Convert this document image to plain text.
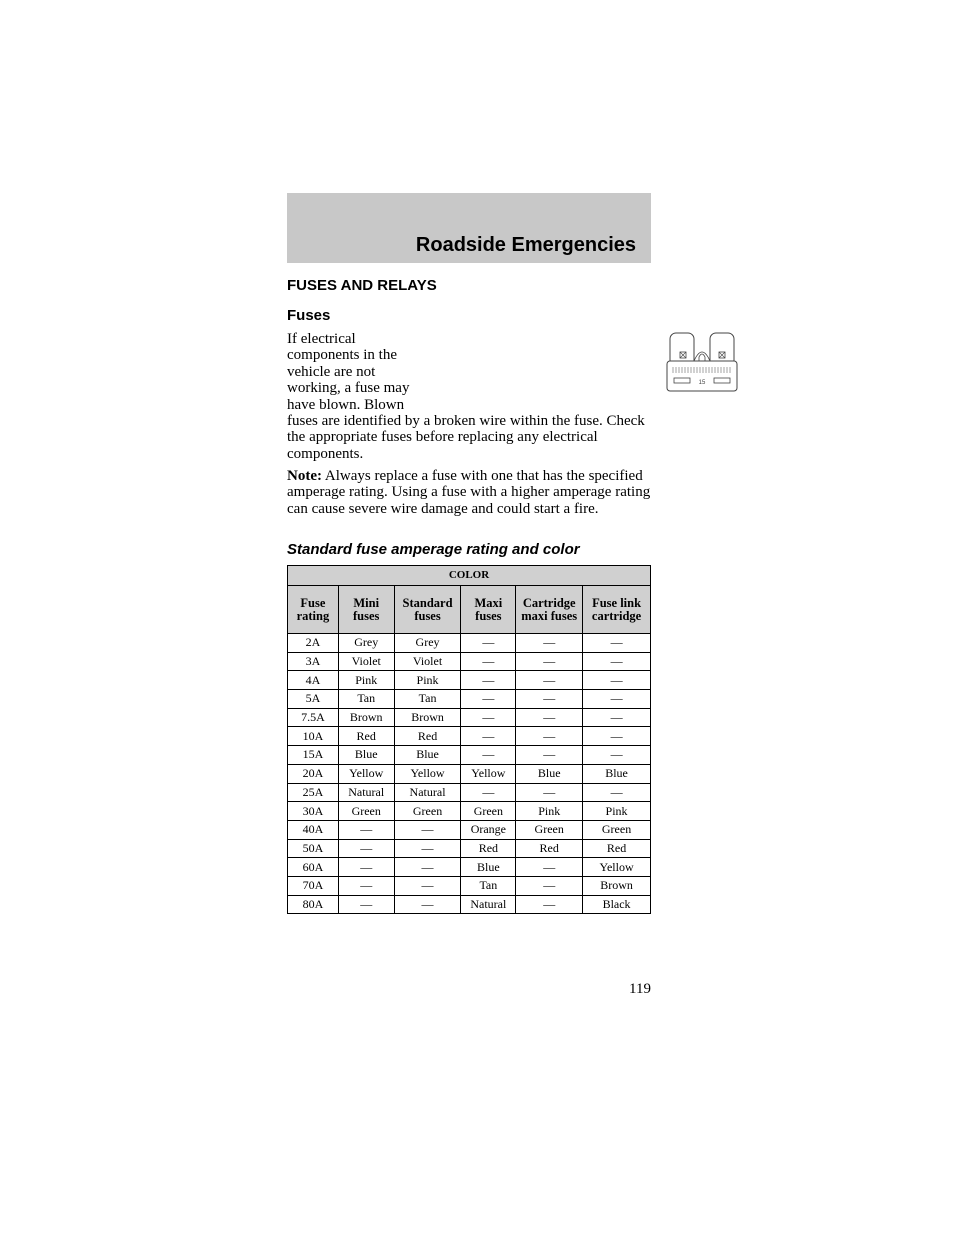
Roadside Emergencies
FUSES AND RELAYS
Fuses

15
If electrical components in the vehicle are not working, a fuse may have blown. Blown fuses are identified by a broken wire within the fuse. Check the appropriate fuses before replacing any electrical components.

Note: Always replace a fuse with one that has the specified amperage rating. Using a fuse with a higher amperage rating can cause severe wire damage and could start a fire.

Standard fuse amperage rating and color

COLOR					
Fuse rating	Mini fuses	Standard fuses	Maxi fuses	Cartridge maxi fuses	Fuse link cartridge
2A	Grey	Grey	—	—	—
3A	Violet	Violet	—	—	—
4A	Pink	Pink	—	—	—
5A	Tan	Tan	—	—	—
7.5A	Brown	Brown	—	—	—
10A	Red	Red	—	—	—
15A	Blue	Blue	—	—	—
20A	Yellow	Yellow	Yellow	Blue	Blue
25A	Natural	Natural	—	—	—
30A	Green	Green	Green	Pink	Pink
40A	—	—	Orange	Green	Green
50A	—	—	Red	Red	Red
60A	—	—	Blue	—	Yellow
70A	—	—	Tan	—	Brown
80A	—	—	Natural	—	Black

119
